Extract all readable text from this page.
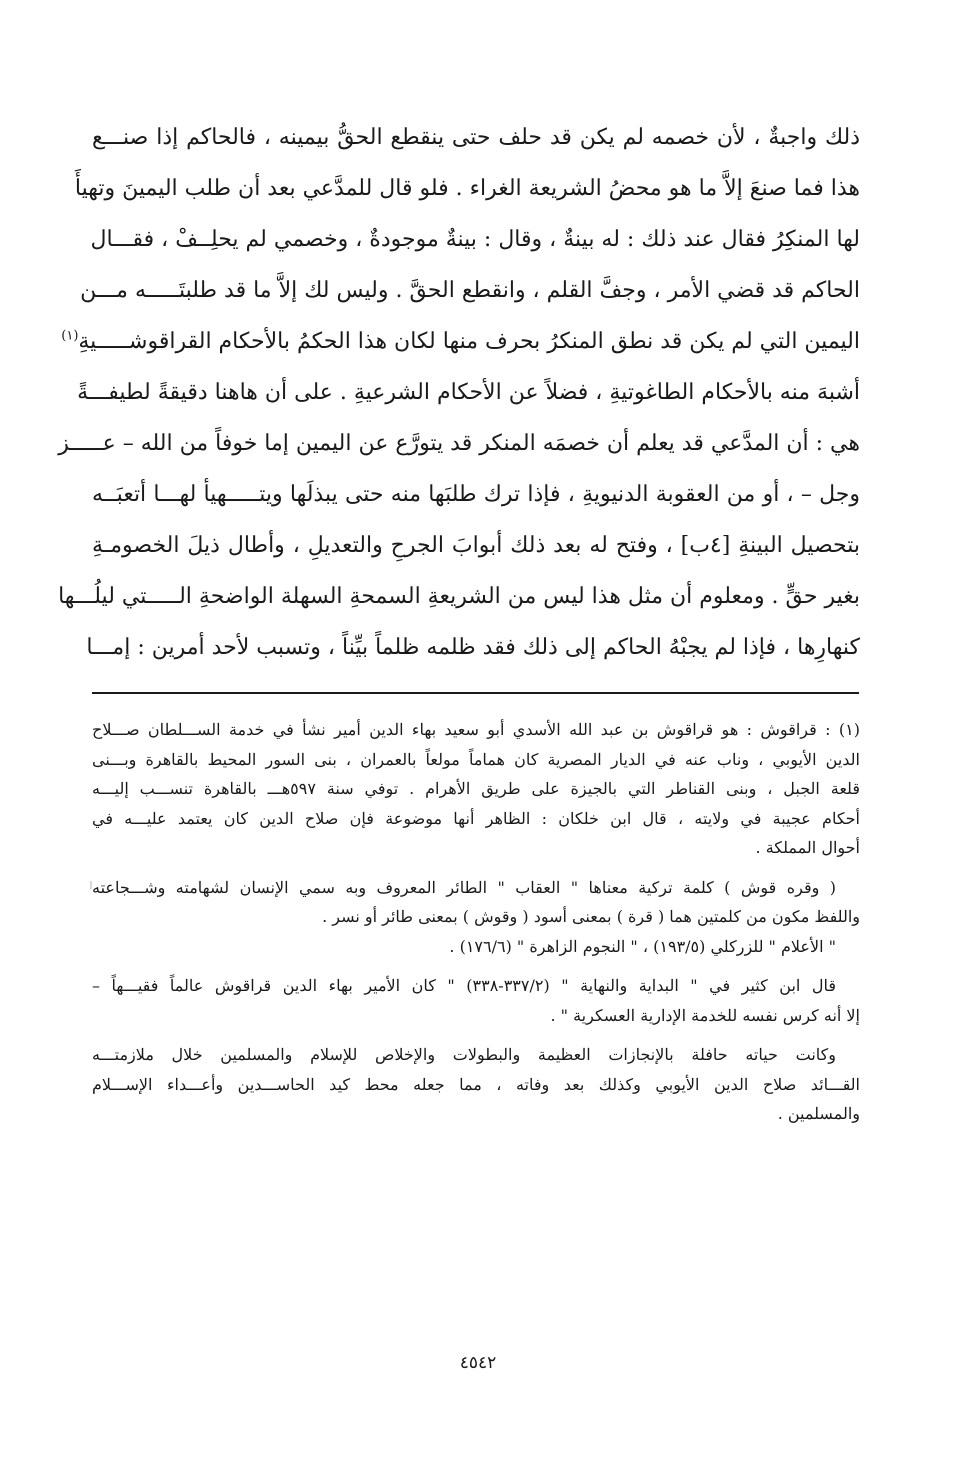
ذلك واجبةٌ ، لأن خصمه لم يكن قد حلف حتى ينقطع الحقُّ بيمينه ، فالحاكم إذا صنـــع
هذا فما صنعَ إلاَّ ما هو محضُ الشريعة الغراء . فلو قال للمدَّعي بعد أن طلب اليمينَ وتهيأَ
لها المنكِرُ فقال عند ذلك : له بينةٌ ، وقال : بينةٌ موجودةٌ ، وخصمي لم يحلِــفْ ، فقـــال
الحاكم قد قضي الأمر ، وجفَّ القلم ، وانقطع الحقَّ . وليس لك إلاَّ ما قد طلبتَـــــه مـــن
اليمين التي لم يكن قد نطق المنكرُ بحرف منها لكان هذا الحكمُ بالأحكام القراقوشـــــيةِ$^{(١)}$
أشبهَ منه بالأحكام الطاغوتيةِ ، فضلاً عن الأحكام الشرعيةِ . على أن هاهنا دقيقةً لطيفـــةً
هي : أن المدَّعي قد يعلم أن خصمَه المنكر قد يتورَّع عن اليمين إما خوفاً من الله – عـــــز
وجل – ، أو من العقوبة الدنيويةِ ، فإذا ترك طلبَها منه حتى يبذلَها ويتـــــهيأ لهـــا أتعبَــه
بتحصيل البينةِ [٤ب] ، وفتح له بعد ذلك أبوابَ الجرحِ والتعديلِ ، وأطال ذيلَ الخصومـةِ
بغير حقٍّ . ومعلوم أن مثل هذا ليس من الشريعةِ السمحةِ السهلة الواضحةِ الـــــتي ليلُـــها
كنهارِها ، فإذا لم يجبْهُ الحاكم إلى ذلك فقد ظلمه ظلماً بيِّناً ، وتسبب لأحد أمرين : إمـــا
(١) : قراقوش : هو قراقوش بن عبد الله الأسدي أبو سعيد بهاء الدين أمير نشأ في خدمة الســـلطان صـــلاح
الدين الأيوبي ، وناب عنه في الديار المصرية كان هماماً مولعاً بالعمران ، بنى السور المحيط بالقاهرة وبـــنى
قلعة الجبل ، وبنى القناطر التي بالجيزة على طريق الأهرام . توفي سنة ٥٩٧هـــ بالقاهرة تنســـب إليـــه
أحكام عجيبة في ولايته ، قال ابن خلكان : الظاهر أنها موضوعة فإن صلاح الدين كان يعتمد عليـــه في
أحوال المملكة .
( وقره قوش ) كلمة تركية معناها " العقاب " الطائر المعروف وبه سمي الإنسان لشهامته وشـــجاعته
واللفظ مكون من كلمتين هما ( قرة ) بمعنى أسود ( وقوش ) بمعنى طائر أو نسر .
" الأعلام " للزركلي (١٩٣/٥) ، " النجوم الزاهرة " (١٧٦/٦) .
قال ابن كثير في " البداية والنهاية " (٣٣٧/٢-٣٣٨) " كان الأمير بهاء الدين قراقوش عالماً فقيـــهاً –
إلا أنه كرس نفسه للخدمة الإدارية العسكرية " .
وكانت حياته حافلة بالإنجازات العظيمة والبطولات والإخلاص للإسلام والمسلمين خلال ملازمتـــه
القـــائد صلاح الدين الأيوبي وكذلك بعد وفاته ، مما جعله محط كيد الحاســـدين وأعـــداء الإســـلام
والمسلمين .
٤٥٤٢
